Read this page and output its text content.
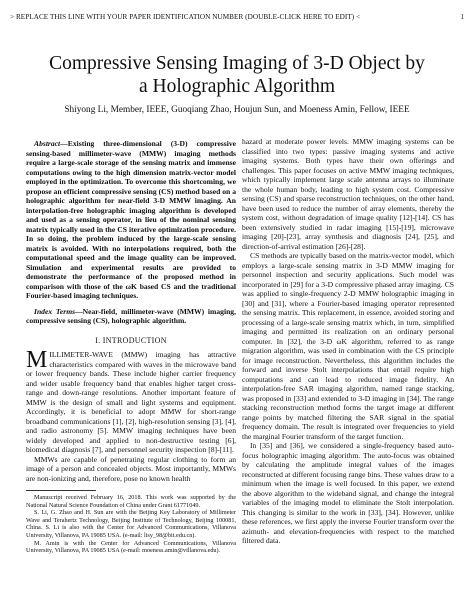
> REPLACE THIS LINE WITH YOUR PAPER IDENTIFICATION NUMBER (DOUBLE-CLICK HERE TO EDIT) <	1
Compressive Sensing Imaging of 3-D Object by
a Holographic Algorithm
Shiyong Li, Member, IEEE, Guoqiang Zhao, Houjun Sun, and Moeness Amin, Fellow, IEEE

Abstract—Existing three-dimensional (3-D) compressive sensing-based millimeter-wave (MMW) imaging methods require a large-scale storage of the sensing matrix and immense computations owing to the high dimension matrix-vector model employed in the optimization. To overcome this shortcoming, we propose an efficient compressive sensing (CS) method based on a holographic algorithm for near-field 3-D MMW imaging. An interpolation-free holographic imaging algorithm is developed and used as a sensing operator, in lieu of the nominal sensing matrix typically used in the CS iterative optimization procedure. In so doing, the problem induced by the large-scale sensing matrix is avoided. With no interpolations required, both the computational speed and the image quality can be improved. Simulation and experimental results are provided to demonstrate the performance of the proposed method in comparison with those of the ωK based CS and the traditional Fourier-based imaging techniques.

Index Terms—Near-field, millimeter-wave (MMW) imaging, compressive sensing (CS), holographic algorithm.

I. INTRODUCTION

MILLIMETER-WAVE (MMW) imaging has attractive characteristics compared with waves in the microwave band or lower frequency bands. These include higher carrier frequency and wider usable frequency band that enables higher target cross-range and down-range resolutions. Another important feature of MMW is the design of small and light systems and equipment. Accordingly, it is beneficial to adopt MMW for short-range broadband communications [1], [2], high-resolution sensing [3], [4], and radio astronomy [5]. MMW imaging techniques have been widely developed and applied to non-destructive testing [6], biomedical diagnosis [7], and personnel security inspection [8]-[11].

MMWs are capable of penetrating regular clothing to form an image of a person and concealed objects. Most importantly, MMWs are non-ionizing and, therefore, pose no known health

Manuscript received February 16, 2018. This work was supported by the National Natural Science Foundation of China under Grant 61771049.

S. Li, G. Zhao and H. Sun are with the Beijing Key Laboratory of Millimeter Wave and Terahertz Technology, Beijing Institute of Technology, Beijing 100081, China. S. Li is also with the Center for Advanced Communications, Villanova University, Villanova, PA 19085 USA. (e-mail: lisy_98@bit.edu.cn).

M. Amin is with the Center for Advanced Communications, Villanova University, Villanova, PA 19085 USA (e-mail: moeness.amin@villanova.edu).

hazard at moderate power levels. MMW imaging systems can be classified into two types: passive imaging systems and active imaging systems. Both types have their own offerings and challenges. This paper focuses on active MMW imaging techniques, which typically implement large scale antenna arrays to illuminate the whole human body, leading to high system cost. Compressive sensing (CS) and sparse reconstruction techniques, on the other hand, have been used to reduce the number of array elements, thereby the system cost, without degradation of image quality [12]-[14]. CS has been extensively studied in radar imaging [15]-[19], microwave imaging [20]-[23], array synthesis and diagnosis [24], [25], and direction-of-arrival estimation [26]-[28].

CS methods are typically based on the matrix-vector model, which employs a large-scale sensing matrix in 3-D MMW imaging for personnel inspection and security applications. Such model was incorporated in [29] for a 3-D compressive phased array imaging. CS was applied to single-frequency 2-D MMW holographic imaging in [30] and [31], where a Fourier-based imaging operator represented the sensing matrix. This replacement, in essence, avoided storing and processing of a large-scale sensing matrix which, in turn, simplified imaging and permitted its realization on an ordinary personal computer. In [32], the 3-D ωK algorithm, referred to as range migration algorithm, was used in combination with the CS principle for image reconstruction. Nevertheless, this algorithm includes the forward and inverse Stolt interpolations that entail require high computations and can lead to reduced image fidelity. An interpolation-free SAR imaging algorithm, named range stacking, was proposed in [33] and extended to 3-D imaging in [34]. The range stacking reconstruction method forms the target image at different range points by matched filtering the SAR signal in the spatial frequency domain. The result is integrated over frequencies to yield the marginal Fourier transform of the target function.

In [35] and [36], we considered a single-frequency based auto-focus holographic imaging algorithm. The auto-focus was obtained by calculating the amplitude integral values of the images reconstructed at different focusing range bins. These values draw to a minimum when the image is well focused. In this paper, we extend the above algorithm to the wideband signal, and change the integral variables of the imaging model to eliminate the Stolt interpolation. This changing is similar to the work in [33], [34]. However, unlike these references, we first apply the inverse Fourier transform over the azimuth- and elevation-frequencies with respect to the matched filtered data.
